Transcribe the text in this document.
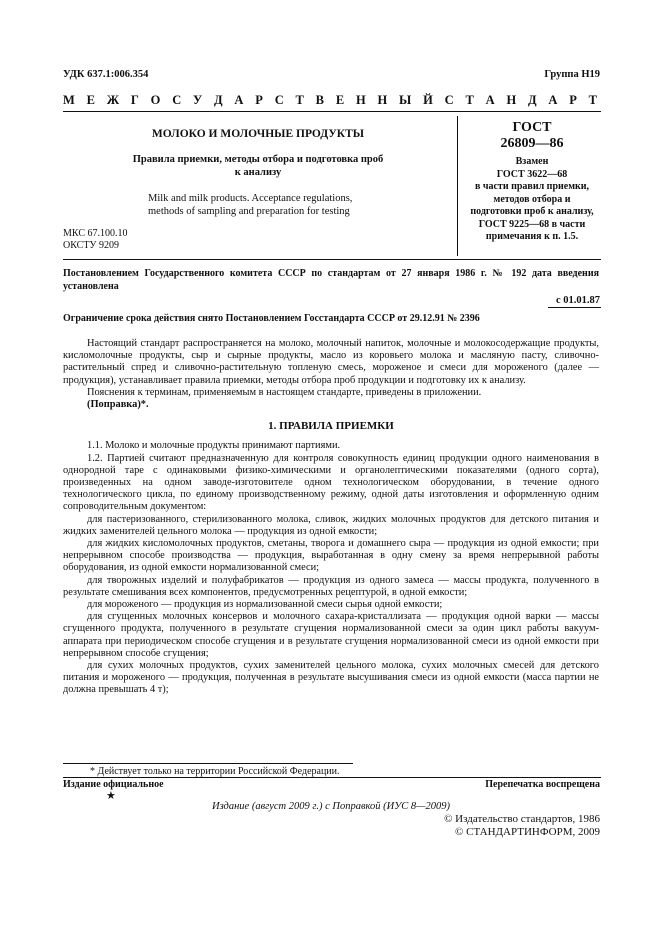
УДК 637.1:006.354	Группа Н19
М Е Ж Г О С У Д А Р С Т В Е Н Н Ы Й С Т А Н Д А Р Т
МОЛОКО И МОЛОЧНЫЕ ПРОДУКТЫ
Правила приемки, методы отбора и подготовка проб
к анализу
Milk and milk products. Acceptance regulations,
methods of sampling and preparation for testing
МКС 67.100.10
ОКСТУ 9209
ГОСТ
26809—86
Взамен
ГОСТ 3622—68
в части правил приемки,
методов отбора и
подготовки проб к анализу,
ГОСТ 9225—68 в части
примечания к п. 1.5.
Постановлением Государственного комитета СССР по стандартам от 27 января 1986 г. № 192 дата введения установлена
с 01.01.87
Ограничение срока действия снято Постановлением Госстандарта СССР от 29.12.91 № 2396

Настоящий стандарт распространяется на молоко, молочный напиток, молочные и молокосодержащие продукты, кисломолочные продукты, сыр и сырные продукты, масло из коровьего молока и масляную пасту, сливочно-растительный спред и сливочно-растительную топленую смесь, мороженое и смеси для мороженого (далее — продукция), устанавливает правила приемки, методы отбора проб продукции и подготовку их к анализу.

Пояснения к терминам, применяемым в настоящем стандарте, приведены в приложении.

(Поправка)*.

1. ПРАВИЛА ПРИЕМКИ

1.1. Молоко и молочные продукты принимают партиями.

1.2. Партией считают предназначенную для контроля совокупность единиц продукции одного наименования в однородной таре с одинаковыми физико-химическими и органолептическими показателями (одного сорта), произведенных на одном заводе-изготовителе одном технологическом оборудовании, в течение одного технологического цикла, по единому производственному режиму, одной даты изготовления и оформленную одним сопроводительным документом:

для пастеризованного, стерилизованного молока, сливок, жидких молочных продуктов для детского питания и жидких заменителей цельного молока — продукция из одной емкости;

для жидких кисломолочных продуктов, сметаны, творога и домашнего сыра — продукция из одной емкости; при непрерывном способе производства — продукция, выработанная в одну смену за время непрерывной работы оборудования, из одной емкости нормализованной смеси;

для творожных изделий и полуфабрикатов — продукция из одного замеса — массы продукта, полученного в результате смешивания всех компонентов, предусмотренных рецептурой, в одной емкости;

для мороженого — продукция из нормализованной смеси сырья одной емкости;

для сгущенных молочных консервов и молочного сахара-кристаллизата — продукция одной варки — массы сгущенного продукта, полученного в результате сгущения нормализованной смеси за один цикл работы вакуум-аппарата при периодическом способе сгущения и в результате сгущения нормализованной смеси из одной емкости при непрерывном способе сгущения;

для сухих молочных продуктов, сухих заменителей цельного молока, сухих молочных смесей для детского питания и мороженого — продукция, полученная в результате высушивания смеси из одной емкости (масса партии не должна превышать 4 т);

* Действует только на территории Российской Федерации.
Издание официальное
★
Перепечатка воспрещена
Издание (август 2009 г.) с Поправкой (ИУС 8—2009)
© Издательство стандартов, 1986
© СТАНДАРТИНФОРМ, 2009
